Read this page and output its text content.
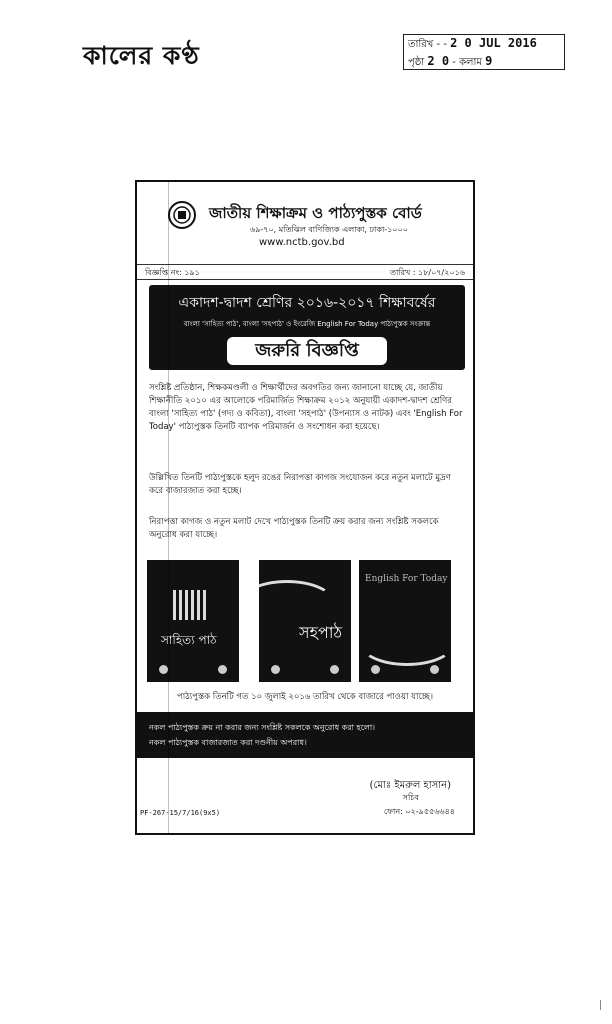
কালের কণ্ঠ	তারিখ - - 2 0 JUL 2016
পৃষ্ঠা 2 0 - কলাম 9
জাতীয় শিক্ষাক্রম ও পাঠ্যপুস্তক বোর্ড
৬৯-৭০, মতিঝিল বাণিজ্যিক এলাকা, ঢাকা-১০০০
www.nctb.gov.bd
বিজ্ঞপ্তি নং: ১৯১	তারিখ : ১৮/০৭/২০১৬
একাদশ-দ্বাদশ শ্রেণির ২০১৬-২০১৭ শিক্ষাবর্ষের
বাংলা 'সাহিত্য পাঠ', বাংলা 'সহপাঠ' ও ইংরেজি English For Today পাঠ্যপুস্তক সংক্রান্ত
জরুরি বিজ্ঞপ্তি
সংশ্লিষ্ট প্রতিষ্ঠান, শিক্ষকমণ্ডলী ও শিক্ষার্থীদের অবগতির জন্য জানানো যাচ্ছে যে, জাতীয় শিক্ষানীতি ২০১০ এর আলোকে পরিমার্জিত শিক্ষাক্রম ২০১২ অনুযায়ী একাদশ-দ্বাদশ শ্রেণির বাংলা 'সাহিত্য পাঠ' (গদ্য ও কবিতা), বাংলা 'সহপাঠ' (উপন্যাস ও নাটক) এবং 'English For Today' পাঠ্যপুস্তক তিনটি ব্যাপক পরিমার্জন ও সংশোধন করা হয়েছে।
উল্লিখিত তিনটি পাঠ্যপুস্তকে হলুদ রঙের নিরাপত্তা কাগজ সংযোজন করে নতুন মলাটে মুদ্রণ করে বাজারজাত করা হচ্ছে।
নিরাপত্তা কাগজ ও নতুন মলাট দেখে পাঠ্যপুস্তক তিনটি ক্রয় করার জন্য সংশ্লিষ্ট সকলকে অনুরোধ করা যাচ্ছে।
সাহিত্য পাঠ	সহপাঠ
English For Today
পাঠ্যপুস্তক তিনটি গত ১০ জুলাই ২০১৬ তারিখ থেকে বাজারে পাওয়া যাচ্ছে।
নকল পাঠ্যপুস্তক ক্রয় না করার জন্য সংশ্লিষ্ট সকলকে অনুরোধ করা হলো।
নকল পাঠ্যপুস্তক বাজারজাত করা দণ্ডনীয় অপরাধ।
(মোঃ ইমরুল হাসান)
সচিব
ফোন: ০২-৯৫৫৬৬৪৪
PF-267-15/7/16(9x5)
